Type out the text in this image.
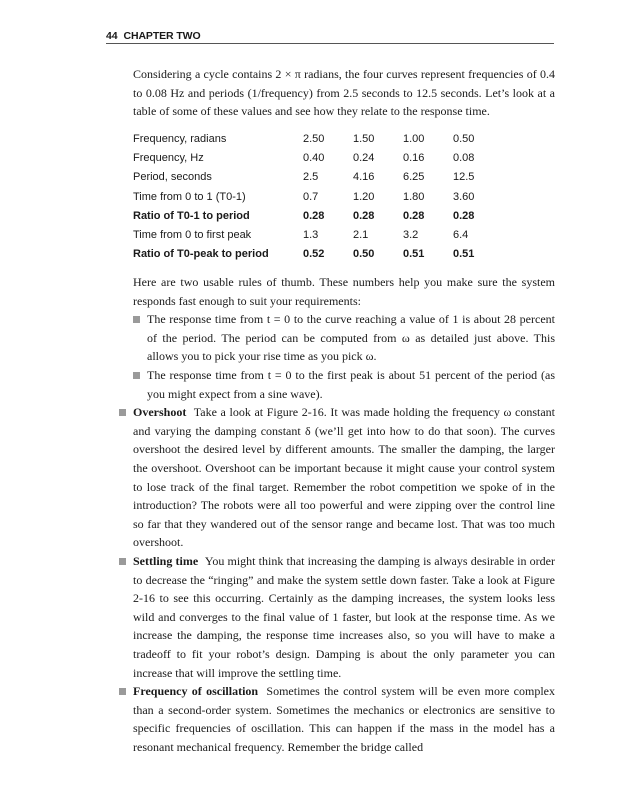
44 CHAPTER TWO

Considering a cycle contains 2 × π radians, the four curves represent frequencies of 0.4 to 0.08 Hz and periods (1/frequency) from 2.5 seconds to 12.5 seconds. Let’s look at a table of some of these values and see how they relate to the response time.

Frequency, radians	2.50	1.50	1.00	0.50
Frequency, Hz	0.40	0.24	0.16	0.08
Period, seconds	2.5	4.16	6.25	12.5
Time from 0 to 1 (T0-1)	0.7	1.20	1.80	3.60
Ratio of T0-1 to period	0.28	0.28	0.28	0.28
Time from 0 to first peak	1.3	2.1	3.2	6.4
Ratio of T0-peak to period	0.52	0.50	0.51	0.51

Here are two usable rules of thumb. These numbers help you make sure the system responds fast enough to suit your requirements:

The response time from t = 0 to the curve reaching a value of 1 is about 28 percent of the period. The period can be computed from ω as detailed just above. This allows you to pick your rise time as you pick ω.
The response time from t = 0 to the first peak is about 51 percent of the period (as you might expect from a sine wave).
Overshoot Take a look at Figure 2-16. It was made holding the frequency ω constant and varying the damping constant δ (we’ll get into how to do that soon). The curves overshoot the desired level by different amounts. The smaller the damping, the larger the overshoot. Overshoot can be important because it might cause your control system to lose track of the final target. Remember the robot competition we spoke of in the introduction? The robots were all too powerful and were zipping over the control line so far that they wandered out of the sensor range and became lost. That was too much overshoot.
Settling time You might think that increasing the damping is always desirable in order to decrease the “ringing” and make the system settle down faster. Take a look at Figure 2-16 to see this occurring. Certainly as the damping increases, the system looks less wild and converges to the final value of 1 faster, but look at the response time. As we increase the damping, the response time increases also, so you will have to make a tradeoff to fit your robot’s design. Damping is about the only parameter you can increase that will improve the settling time.
Frequency of oscillation Sometimes the control system will be even more complex than a second-order system. Sometimes the mechanics or electronics are sensitive to specific frequencies of oscillation. This can happen if the mass in the model has a resonant mechanical frequency. Remember the bridge called
